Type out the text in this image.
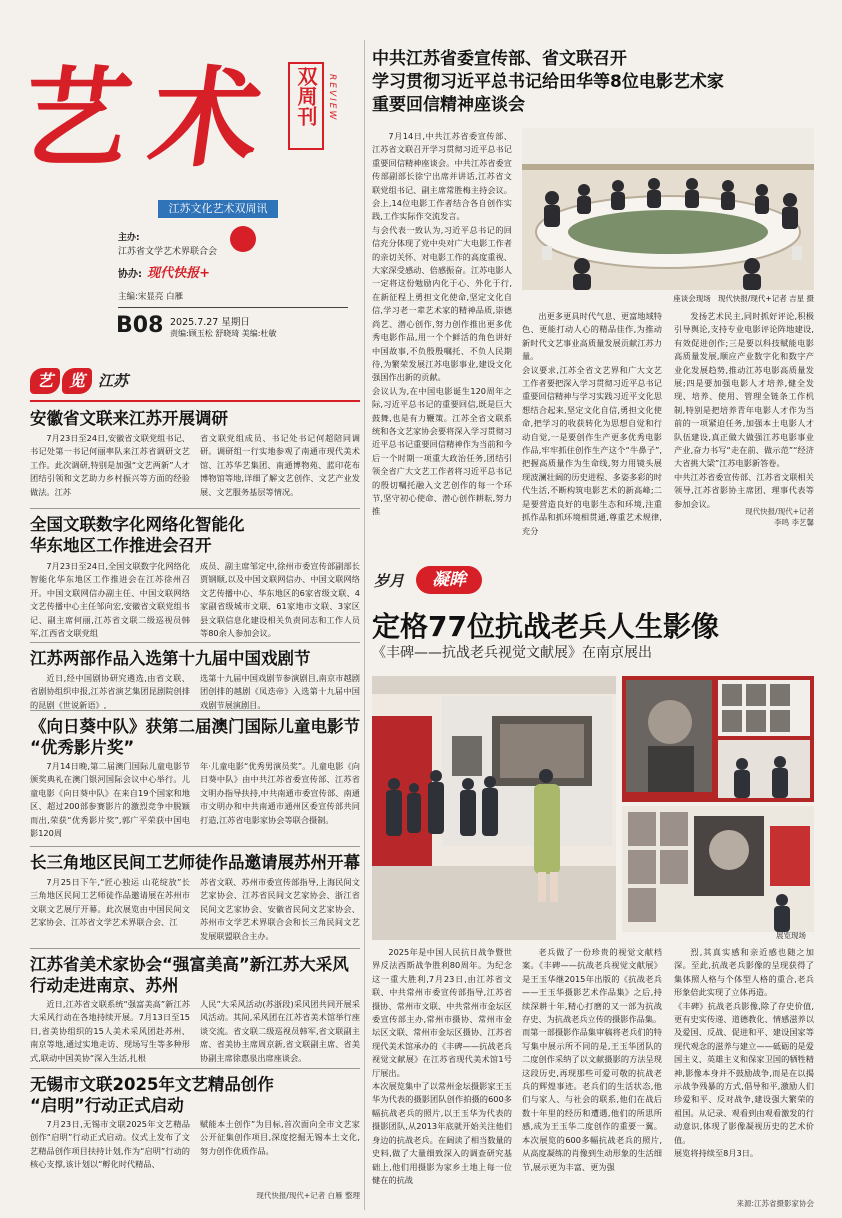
艺 术	双周刊	REVIEW
江苏文化艺术双周讯
主办:
江苏省文学艺术界联合会
协办: 现代快报+
主编:宋显亮 白雁
B08 2025.7.27 星期日
责编:顾玉松 舒晓琦 美编:杜敏
艺 览 江苏
安徽省文联来江苏开展调研

7月23日至24日,安徽省文联党组书记、书记处第一书记何丽率队来江苏省调研文艺工作。此次调研,特别是加强“文艺两新”人才团结引领和文艺助力乡村振兴等方面的经验做法。江苏

省文联党组成员、书记处书记何超陪同调研。调研组一行实地参观了南通市现代美术馆、江苏华艺集团、南通博物苑、蓝印花布博物馆等地,详细了解文艺创作、文艺产业发展、文艺服务基层等情况。

全国文联数字化网络化智能化
华东地区工作推进会召开

7月23日至24日,全国文联数字化网络化智能化华东地区工作推进会在江苏徐州召开。中国文联网信办副主任、中国文联网络文艺传播中心主任邹向宏,安徽省文联党组书记、副主席何丽,江苏省文联二级巡视员韩军,江西省文联党组

成员、副主席邹定中,徐州市委宣传部副部长贾钢顺,以及中国文联网信办、中国文联网络文艺传播中心、华东地区的6家省级文联、4家副省级城市文联、61家地市文联、3家区县文联信息化建设相关负责同志和工作人员等80余人参加会议。

江苏两部作品入选第十九届中国戏剧节

近日,经中国剧协研究遴选,由省文联、省剧协组织申报,江苏省演艺集团昆剧院创排的昆剧《世说新语》,

选第十九届中国戏剧节参演剧目,南京市越剧团创排的越剧《凤迭帝》入选第十九届中国戏剧节展演剧目。

《向日葵中队》获第二届澳门国际儿童电影节
“优秀影片奖”

7月14日晚,第二届澳门国际儿童电影节颁奖典礼在澳门银河国际会议中心举行。儿童电影《向日葵中队》在来自19个国家和地区、超过200部参赛影片的激烈竞争中脱颖而出,荣获“优秀影片奖”,郭广平荣获中国电影120周

年·儿童电影“优秀男演员奖”。儿童电影《向日葵中队》由中共江苏省委宣传部、江苏省文明办指导扶持,中共南通市委宣传部、南通市文明办和中共南通市通州区委宣传部共同打造,江苏省电影家协会等联合摄制。

长三角地区民间工艺师徒作品邀请展苏州开幕

7月25日下午,“匠心独运 山花绽放”长三角地区民间工艺师徒作品邀请展在苏州市文联文艺展厅开幕。此次展览由中国民间文艺家协会、江苏省文学艺术界联合会、江

苏省文联、苏州市委宣传部指导,上海民间文艺家协会、江苏省民间文艺家协会、浙江省民间文艺家协会、安徽省民间文艺家协会、苏州市文学艺术界联合会和长三角民间文艺发展联盟联合主办。

江苏省美术家协会“强富美高”新江苏大采风
行动走进南京、苏州

近日,江苏省文联系统“强富美高”新江苏大采风行动在各地持续开展。7月13日至15日,省美协组织的15人美术采风团赴苏州、南京等地,通过实地走访、现场写生等多种形式,联动中国美协“深入生活,扎根

人民”大采风活动(苏浙段)采风团共同开展采风活动。其间,采风团在江苏省美术馆举行座谈交流。省文联二级巡视员韩军,省文联副主席、省美协主席周京新,省文联副主席、省美协副主席徐惠泉出席座谈会。

无锡市文联2025年文艺精品创作
“启明”行动正式启动

7月23日,无锡市文联2025年文艺精品创作“启明”行动正式启动。仪式上发布了文艺精品创作项目扶持计划,作为“启明”行动的核心支撑,该计划以“孵化时代精品、

赋能本土创作”为目标,首次面向全市文艺家公开征集创作项目,深度挖掘无锡本土文化,努力创作优质作品。

现代快报/现代+记者 白雁 整理
中共江苏省委宣传部、省文联召开
学习贯彻习近平总书记给田华等8位电影艺术家
重要回信精神座谈会

7月14日,中共江苏省委宣传部、江苏省文联召开学习贯彻习近平总书记重要回信精神座谈会。中共江苏省委宣传部副部长徐宁出席并讲话,江苏省文联党组书记、副主席常胜梅主持会议。会上,14位电影工作者结合各自创作实践,工作实际作交流发言。
与会代表一致认为,习近平总书记的回信充分体现了党中央对广大电影工作者的亲切关怀、对电影工作的高度重视、大家深受感动、倍感振奋。江苏电影人一定将这份勉励内化于心、外化于行,在新征程上勇担文化使命,坚定文化自信,学习老一辈艺术家的精神品质,崇德尚艺、潜心创作,努力创作推出更多优秀电影作品,用一个个鲜活的角色讲好中国故事,不负殷殷嘱托、不负人民期待,为繁荣发展江苏电影事业,建设文化强国作出新的贡献。
会议认为,在中国电影诞生120周年之际,习近平总书记的重要回信,既是巨大鼓舞,也是有力鞭策。江苏全省文联系统和各文艺家协会要将深入学习贯彻习近平总书记重要回信精神作为当前和今后一个时期一项重大政治任务,团结引领全省广大文艺工作者将习近平总书记的殷切嘱托融入文艺创作的每一个环节,坚守初心使命、潜心创作耕耘,努力推

座谈会现场 现代快报/现代+记者 吉星 摄

出更多更具时代气息、更富地域特色、更能打动人心的精品佳作,为推动新时代文艺事业高质量发展贡献江苏力量。
会议要求,江苏全省文艺界和广大文艺工作者要把深入学习贯彻习近平总书记重要回信精神与学习实践习近平文化思想结合起来,坚定文化自信,勇担文化使命,把学习的收获转化为思想自觉和行动自觉,一是要创作生产更多优秀电影作品,牢牢抓住创作生产这个“牛鼻子”,把握高质量作为生命线,努力用镜头展现波澜壮阔的历史进程、多姿多彩的时代生活,不断构筑电影艺术的新高峰;二是要营造良好的电影生态和环境,注重抓作品和抓环境相贯通,尊重艺术规律,充分

发扬艺术民主,同时抓好评论,积极引导舆论,支持专业电影评论阵地建设,有效促进创作;三是要以科技赋能电影高质量发展,顺应产业数字化和数字产业化发展趋势,推动江苏电影高质量发展;四是要加强电影人才培养,健全发现、培养、使用、管理全链条工作机制,特别是把培养青年电影人才作为当前的一项紧迫任务,加强本土电影人才队伍建设,真正做大做强江苏电影事业产业,奋力书写“走在前、做示范”“经济大省挑大梁”江苏电影新答卷。
中共江苏省委宣传部、江苏省文联相关领导,江苏省影协主席团、理事代表等参加会议。

现代快报/现代+记者
李鸣 李艺馨
岁月	凝眸
定格77位抗战老兵人生影像
《丰碑——抗战老兵视觉文献展》在南京展出
展览现场

2025年是中国人民抗日战争暨世界反法西斯战争胜利80周年。为纪念这一重大胜利,7月23日,由江苏省文联、中共常州市委宣传部指导,江苏省摄协、常州市文联、中共常州市金坛区委宣传部主办,常州市摄协、常州市金坛区文联、常州市金坛区摄协、江苏省现代美术馆承办的《丰碑——抗战老兵视觉文献展》在江苏省现代美术馆1号厅展出。
本次展览集中了以常州金坛摄影家王玉华为代表的摄影团队创作拍摄的600多幅抗战老兵的照片,以王玉华为代表的摄影团队,从2013年底就开始关注他们身边的抗战老兵。在阔读了相当数量的史料,做了大量细致深入的调查研究基础上,他们用摄影为家乡土地上每一位健在的抗战

老兵做了一份珍贵的视觉文献档案。《丰碑——抗战老兵视觉文献展》是王玉华继2015年出版的《抗战老兵——王玉华摄影艺术作品集》之后,持续深耕十年,精心打磨的又一部为抗战存史、为抗战老兵立传的摄影作品集。
而第一部摄影作品集审稿将老兵们的特写集中展示所不同的是,王玉华团队的二度创作采纳了以文献摄影的方法呈现这段历史,再现那些可爱可敬的抗战老兵的辉煌事迹。老兵们的生活状态,他们与家人、与社会的联系,他们在战后数十年里的经历和遭遇,他们的所思所感,成为王玉华二度创作的重要一翼。本次展览的600多幅抗战老兵的照片,从高度凝练的肖像到生动形象的生活细节,展示更为丰富、更为强

烈,其真实感和亲近感也随之加深。至此,抗战老兵影像的呈现获得了集体照人格与个体型人格的重合,老兵形象倍此实现了立体再造。
《丰碑》抗战老兵影像,除了存史价值,更有史实传递、道德教化、情感滋养以及爱国、反战、促进和平、建设国家等现代观念的滋养与建立——砥砺的是爱国主义、英雄主义和保家卫国的牺牲精神,影像本身并不鼓励战争,而是在以揭示战争残暴的方式,倡导和平,激励人们珍爱和平、反对战争,建设强大繁荣的祖国。从记录、观看到由观看激发的行动意识,体现了影像凝视历史的艺术价值。
展览将持续至8月3日。

来源:江苏省摄影家协会
